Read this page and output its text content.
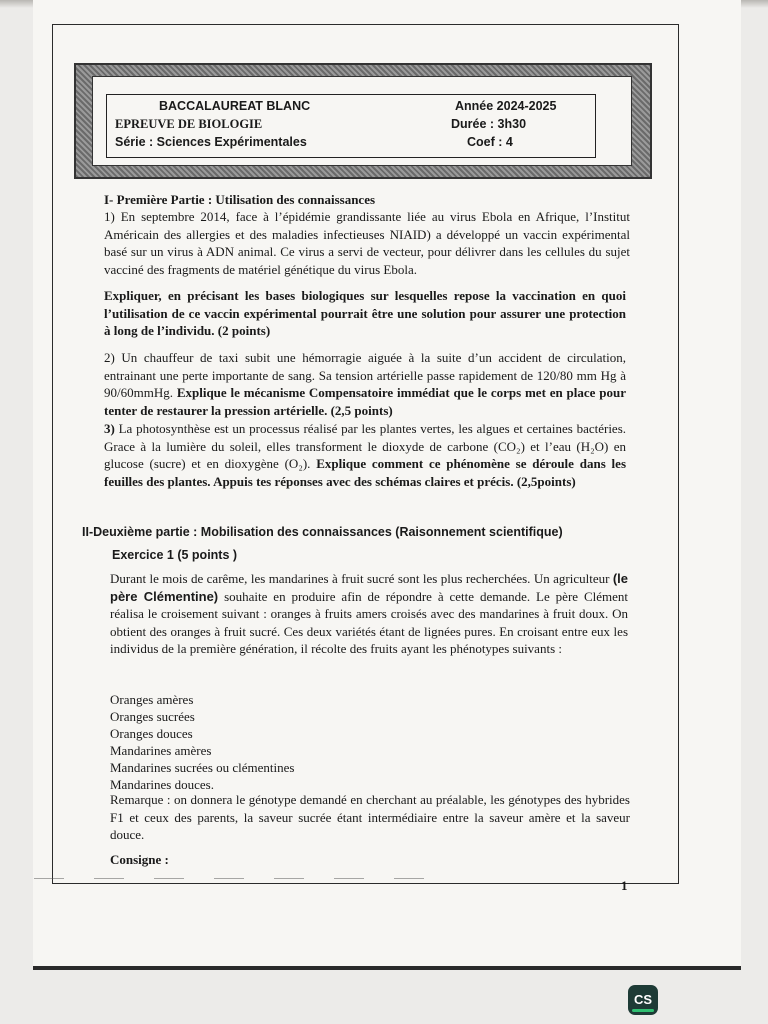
BACCALAUREAT BLANC	Année 2024-2025
EPREUVE DE BIOLOGIE	Durée : 3h30
Série : Sciences Expérimentales	Coef : 4
I- Première Partie : Utilisation des connaissances
1) En septembre 2014, face à l’épidémie grandissante liée au virus Ebola en Afrique, l’Institut Américain des allergies et des maladies infectieuses NIAID) a développé un vaccin expérimental basé sur un virus à ADN animal. Ce virus a servi de vecteur, pour délivrer dans les cellules du sujet vacciné des fragments de matériel génétique du virus Ebola.
Expliquer, en précisant les bases biologiques sur lesquelles repose la vaccination en quoi l’utilisation de ce vaccin expérimental pourrait être une solution pour assurer une protection à long de l’individu. (2 points)
2) Un chauffeur de taxi subit une hémorragie aiguée à la suite d’un accident de circulation, entrainant une perte importante de sang. Sa tension artérielle passe rapidement de 120/80 mm Hg à 90/60mmHg. Explique le mécanisme Compensatoire immédiat que le corps met en place pour tenter de restaurer la pression artérielle. (2,5 points)
3) La photosynthèse est un processus réalisé par les plantes vertes, les algues et certaines bactéries. Grace à la lumière du soleil, elles transforment le dioxyde de carbone (CO₂) et l’eau (H₂O) en glucose (sucre) et en dioxygène (O₂). Explique comment ce phénomène se déroule dans les feuilles des plantes. Appuis tes réponses avec des schémas claires et précis. (2,5points)
II-Deuxième partie : Mobilisation des connaissances (Raisonnement scientifique)
Exercice 1 (5 points )
Durant le mois de carême, les mandarines à fruit sucré sont les plus recherchées. Un agriculteur (le père Clémentine) souhaite en produire afin de répondre à cette demande. Le père Clément réalisa le croisement suivant : oranges à fruits amers croisés avec des mandarines à fruit doux. On obtient des oranges à fruit sucré. Ces deux variétés étant de lignées pures. En croisant entre eux les individus de la première génération, il récolte des fruits ayant les phénotypes suivants :
Oranges amères
Oranges sucrées
Oranges douces
Mandarines amères
Mandarines sucrées ou clémentines
Mandarines douces.
Remarque : on donnera le génotype demandé en cherchant au préalable, les génotypes des hybrides F1 et ceux des parents, la saveur sucrée étant intermédiaire entre la saveur amère et la saveur douce.
Consigne :
1
CS
